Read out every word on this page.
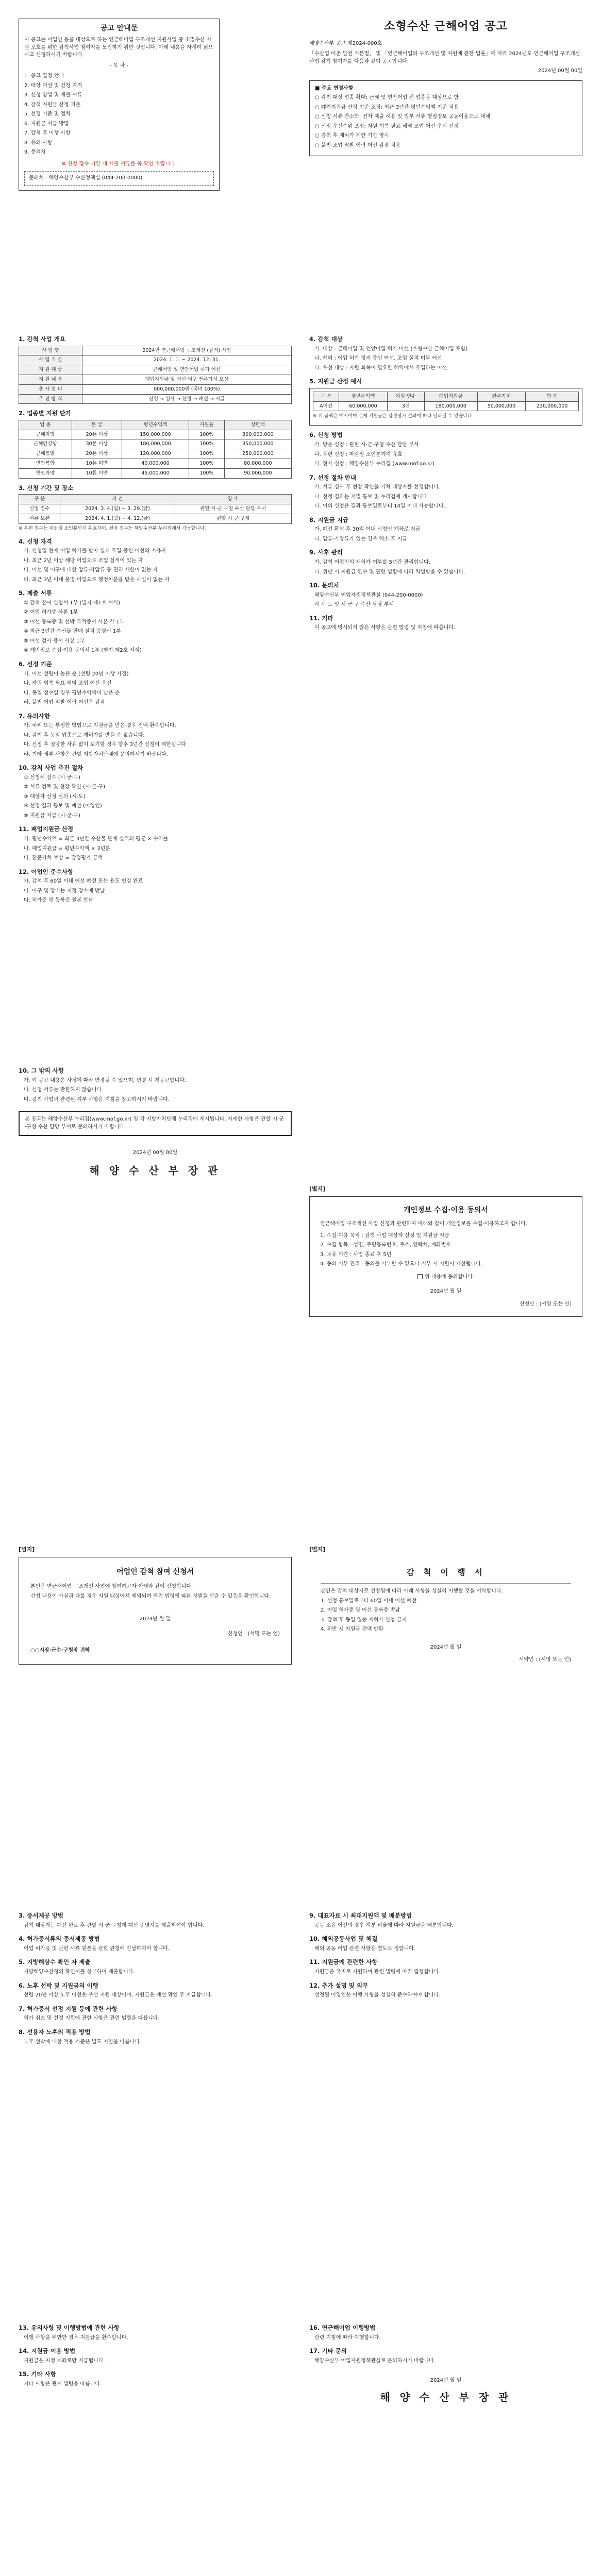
공고 안내문

이 공고는 어업인 등을 대상으로 하는 연근해어업 구조개선 지원사업 중 소멸수산 자원 보호를 위한 감척사업 참여자를 모집하기 위한 것입니다. 아래 내용을 자세히 읽으시고 신청하시기 바랍니다.

- 목 차 -

1. 공고 일정 안내

2. 대상 어선 및 신청 자격

3. 신청 방법 및 제출 서류

4. 감척 지원금 산정 기준

5. 선정 기준 및 절차

6. 지원금 지급 방법

7. 감척 후 이행 사항

8. 유의 사항

9. 문의처

※ 신청 접수 기간 내 제출 서류를 꼭 확인 바랍니다.

문의처 : 해양수산부 수산정책실 (044-200-0000)
소형수산 근해어업 공고
해양수산부 공고 제2024-000호

「수산업·어촌 발전 기본법」 및 「연근해어업의 구조개선 및 지원에 관한 법률」에 따라 2024년도 연근해어업 구조개선사업 감척 참여자를 다음과 같이 공고합니다.

2024년 00월 00일
■ 주요 변경사항

○ 감척 대상 업종 확대: 근해 및 연안어업 전 업종을 대상으로 함

○ 폐업지원금 산정 기준 조정: 최근 3년간 평년수익액 기준 적용

○ 신청 서류 간소화: 전자 제출 허용 및 일부 서류 행정정보 공동이용으로 대체

○ 선정 우선순위 조정: 자원 회복 필요 해역 조업 어선 우선 선정

○ 감척 후 재허가 제한 기간 명시

○ 불법 조업 적발 이력 어선 감점 적용

1. 감척 사업 개요
사 업 명	2024년 연근해어업 구조개선 (감척) 사업
사 업 기 간	2024. 1. 1. ~ 2024. 12. 31.
지 원 대 상	근해어업 및 연안어업 허가 어선
지 원 내 용	폐업지원금 및 어선·어구 잔존가치 보상
총 사 업 비	000,000,000원 (국비 100%)
추 진 방 식	신청 → 심사 → 선정 → 폐선 → 지급
2. 업종별 지원 단가
업 종	톤 급	평년수익액	지원율	상한액
근해자망	20톤 이상	150,000,000	100%	300,000,000
근해안강망	30톤 이상	180,000,000	100%	350,000,000
근해통발	20톤 이상	120,000,000	100%	250,000,000
연안복합	10톤 미만	40,000,000	100%	80,000,000
연안자망	10톤 미만	45,000,000	100%	90,000,000
3. 신청 기간 및 장소
구 분	기 간	장 소
신청 접수	2024. 3. 4.(월) ~ 3. 29.(금)	관할 시·군·구청 수산 담당 부서
서류 보완	2024. 4. 1.(월) ~ 4. 12.(금)	관할 시·군·구청

※ 우편 접수는 마감일 소인분까지 유효하며, 전자 접수는 해양수산부 누리집에서 가능합니다.

4. 신청 자격

가. 신청일 현재 어업 허가를 받아 실제 조업 중인 어선의 소유자

나. 최근 2년 이상 해당 어업으로 조업 실적이 있는 자

다. 어선 및 어구에 대한 압류·가압류 등 권리 제한이 없는 자

라. 최근 3년 이내 불법 어업으로 행정처분을 받은 사실이 없는 자

5. 제출 서류

① 감척 참여 신청서 1부 (별지 제1호 서식)

② 어업 허가증 사본 1부

③ 어선 등록증 및 선박 국적증서 사본 각 1부

④ 최근 3년간 수산물 판매 실적 증명서 1부

⑤ 어선 검사 증서 사본 1부

⑥ 개인정보 수집·이용 동의서 1부 (별지 제2호 서식)

6. 선정 기준

가. 어선 선령이 높은 순 (선령 20년 이상 가점)

나. 자원 회복 필요 해역 조업 어선 우선

다. 동일 점수일 경우 평년수익액이 낮은 순

라. 불법 어업 적발 이력 어선은 감점

7. 유의사항

가. 허위 또는 부정한 방법으로 지원금을 받은 경우 전액 환수합니다.

나. 감척 후 동일 업종으로 재허가를 받을 수 없습니다.

다. 선정 후 정당한 사유 없이 포기할 경우 향후 3년간 신청이 제한됩니다.

라. 기타 세부 사항은 관할 지방자치단체에 문의하시기 바랍니다.

10. 감척 사업 추진 절차

① 신청서 접수 (시·군·구)

② 서류 검토 및 현장 확인 (시·군·구)

③ 대상자 선정 심의 (시·도)

④ 선정 결과 통보 및 폐선 (어업인)

⑤ 지원금 지급 (시·군·구)

11. 폐업지원금 산정

가. 평년수익액 = 최근 3년간 수산물 판매 실적의 평균 × 수익률

나. 폐업지원금 = 평년수익액 × 3년분

다. 잔존가치 보상 = 감정평가 금액

12. 어업인 준수사항

가. 감척 후 60일 이내 어선 폐선 또는 용도 변경 완료

나. 어구 및 장비는 지정 장소에 반납

다. 허가증 및 등록증 원본 반납

4. 감척 대상

가. 대상 : 근해어업 및 연안어업 허가 어선 (소형수산 근해어업 포함)

나. 제외 : 어업 허가 정지 중인 어선, 조업 실적 미달 어선

다. 우선 대상 : 자원 회복이 필요한 해역에서 조업하는 어선

5. 지원금 산정 예시
구 분	평년수익액	지원 연수	폐업지원금	잔존가치	합 계
A어선	60,000,000	3년	180,000,000	50,000,000	230,000,000

※ 위 금액은 예시이며 실제 지원금은 감정평가 결과에 따라 달라질 수 있습니다.

6. 신청 방법

가. 방문 신청 : 관할 시·군·구청 수산 담당 부서

나. 우편 신청 : 마감일 소인분까지 유효

다. 전자 신청 : 해양수산부 누리집 (www.mof.go.kr)

7. 선정 절차 안내

가. 서류 심사 후 현장 확인을 거쳐 대상자를 선정합니다.

나. 선정 결과는 개별 통보 및 누리집에 게시합니다.

다. 이의 신청은 결과 통보일로부터 14일 이내 가능합니다.

8. 지원금 지급

가. 폐선 확인 후 30일 이내 신청인 계좌로 지급

나. 압류·가압류가 있는 경우 해소 후 지급

9. 사후 관리

가. 감척 어업인의 재허가 여부를 5년간 관리합니다.

나. 위반 시 지원금 환수 및 관련 법령에 따라 처벌받을 수 있습니다.

10. 문의처

해양수산부 어업자원정책관실 (044-200-0000)

각 시·도 및 시·군·구 수산 담당 부서

11. 기타

이 공고에 명시되지 않은 사항은 관련 법령 및 지침에 따릅니다.

10. 그 밖의 사항

가. 이 공고 내용은 사정에 따라 변경될 수 있으며, 변경 시 재공고합니다.

나. 신청 서류는 반환하지 않습니다.

다. 감척 사업과 관련된 세부 사항은 지침을 참고하시기 바랍니다.

본 공고는 해양수산부 누리집(www.mof.go.kr) 및 각 지방자치단체 누리집에 게시됩니다. 자세한 사항은 관할 시·군·구청 수산 담당 부서로 문의하시기 바랍니다.
2024년 00월 00일
해 양 수 산 부 장 관
[별지]
개인정보 수집·이용 동의서

연근해어업 구조개선 사업 신청과 관련하여 아래와 같이 개인정보를 수집·이용하고자 합니다.

1. 수집·이용 목적 : 감척 사업 대상자 선정 및 지원금 지급

2. 수집 항목 : 성명, 주민등록번호, 주소, 연락처, 계좌번호

3. 보유 기간 : 사업 종료 후 5년

4. 동의 거부 권리 : 동의를 거부할 수 있으나 거부 시 지원이 제한됩니다.

위 내용에 동의합니다.

2024년 월 일
신청인 : (서명 또는 인)
[별지]
어업인 감척 참여 신청서

본인은 연근해어업 구조개선 사업에 참여하고자 아래와 같이 신청합니다.

신청 내용이 사실과 다를 경우 지원 대상에서 제외되며 관련 법령에 따른 처벌을 받을 수 있음을 확인합니다.

2024년 월 일
신청인 : (서명 또는 인)
○○시장·군수·구청장 귀하
[별지]
감 척 이 행 서

본인은 감척 대상자로 선정됨에 따라 아래 사항을 성실히 이행할 것을 서약합니다.

1. 선정 통보일로부터 60일 이내 어선 폐선

2. 어업 허가증 및 어선 등록증 반납

3. 감척 후 동일 업종 재허가 신청 금지

4. 위반 시 지원금 전액 반환

2024년 월 일
서약인 : (서명 또는 인)
3. 증서제공 방법

감척 대상자는 폐선 완료 후 관할 시·군·구청에 폐선 증명서를 제출하여야 합니다.

4. 허가증서류의 증서제공 방법

어업 허가증 및 관련 서류 원본을 관할 관청에 반납하여야 합니다.

5. 지방해상수 확인 자 제출

지방해양수산청의 확인서를 첨부하여 제출합니다.

6. 노후 선박 및 지원금의 이행

선령 20년 이상 노후 어선은 우선 지원 대상이며, 지원금은 폐선 확인 후 지급합니다.

7. 허가증서 선정 지원 등에 관한 사항

허가 취소 및 선정 지원에 관한 사항은 관련 법령을 따릅니다.

8. 선용자 노후의 적용 방법

노후 선박에 대한 적용 기준은 별도 지침을 따릅니다.

9. 대표자료 시 최대지원액 및 배분방법

공동 소유 어선의 경우 지분 비율에 따라 지원금을 배분합니다.

10. 해외공동사업 및 체결

해외 공동 어업 관련 사항은 별도로 정합니다.

11. 지원금에 관련한 사항

지원금은 국비로 지원하며 관련 법령에 따라 집행합니다.

12. 추가 설명 및 의무

선정된 어업인은 이행 사항을 성실히 준수하여야 합니다.

13. 유의사항 및 이행방법에 관한 사항

이행 사항을 위반한 경우 지원금을 환수합니다.

14. 지원금 이용 방법

지원금은 지정 계좌로만 지급됩니다.

15. 기타 사항

기타 사항은 관계 법령을 따릅니다.

16. 연근해어업 이행방법

관련 지침에 따라 이행합니다.

17. 기타 문의

해양수산부 어업자원정책관실로 문의하시기 바랍니다.

2024년 월 일
해 양 수 산 부 장 관
